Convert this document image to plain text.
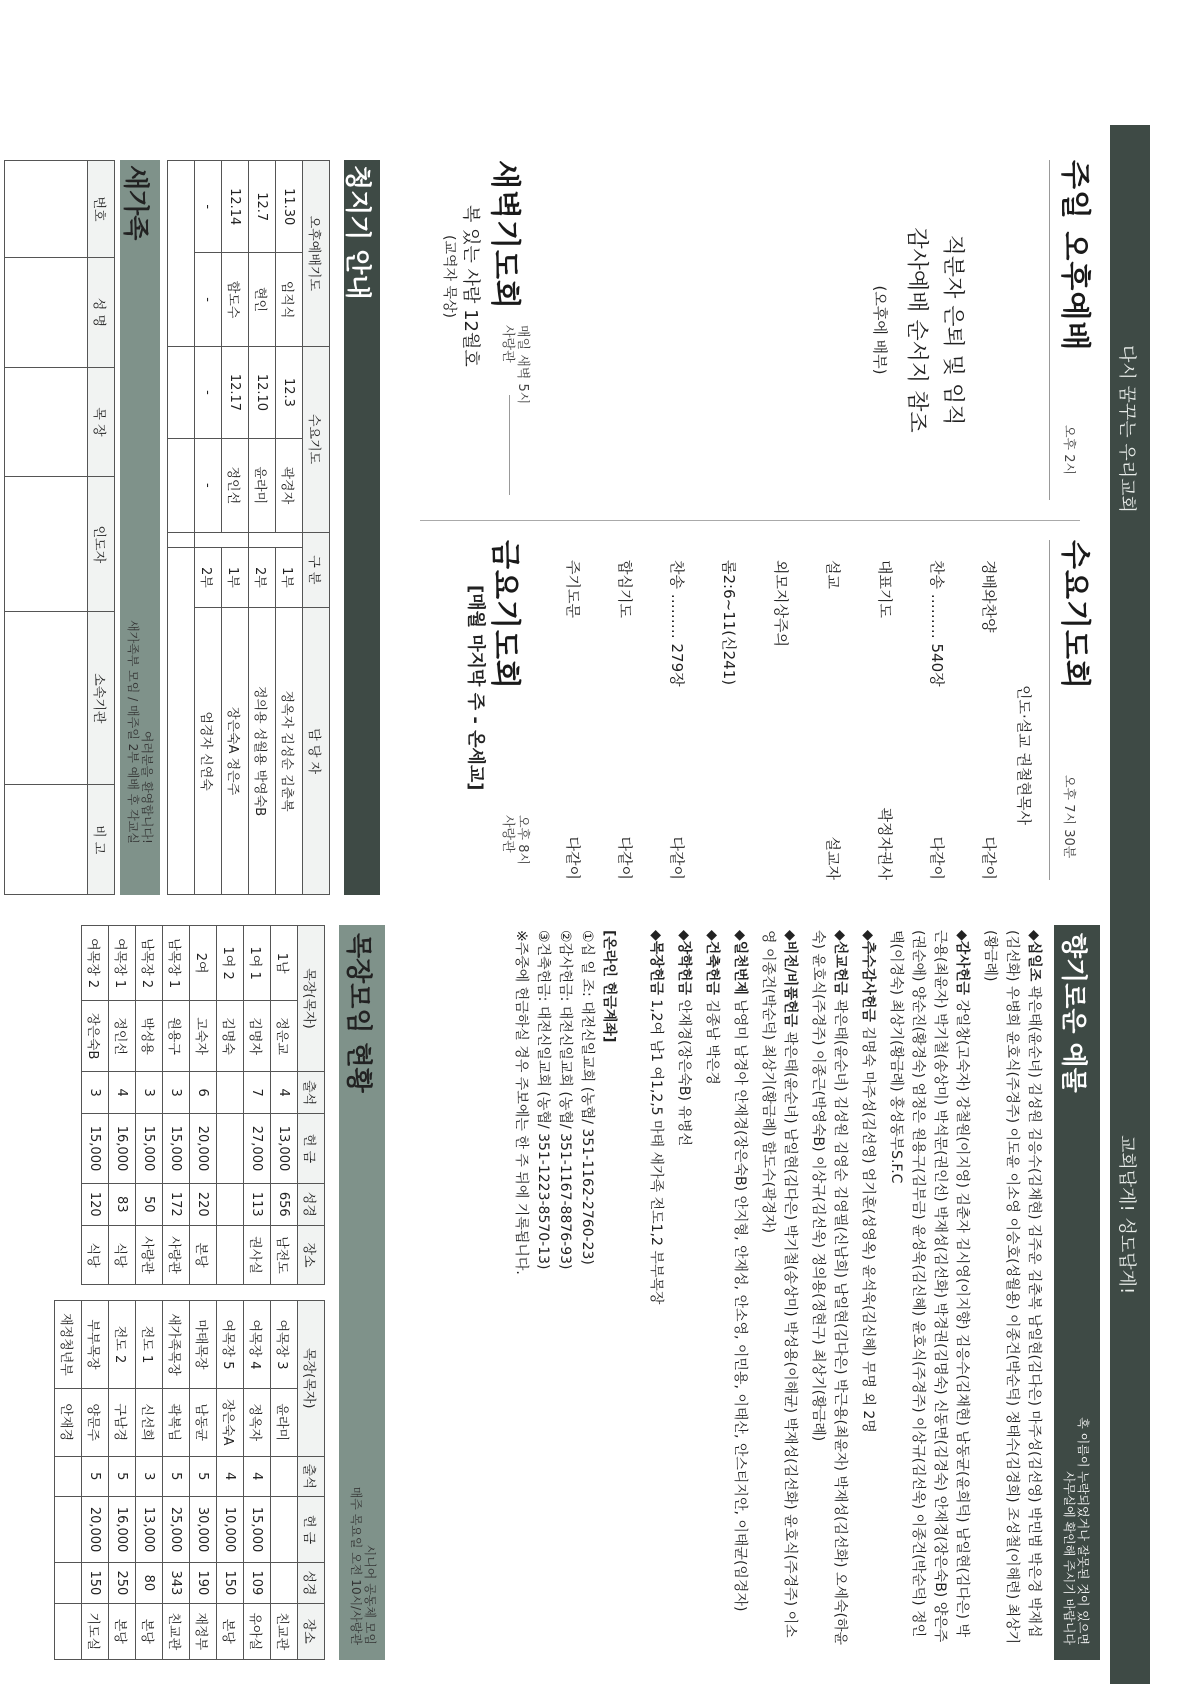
다시 꿈꾸는 우리교회
교회답게! 성도답게!
주일 오후예배
오후 2시
직분자 은퇴 및 임직
감사예배 순서지 참조
(오후에 배부)
수요기도회
오후 7시 30분
인도·설교 권철현목사
경배와찬양
다같이
찬송 ……… 540장
다같이
대표기도
곽정자권사
설교
설교자
외모지상주의
롬2:6~11(신241)
찬송 ……… 279장
다같이
합심기도
다같이
주기도문
다같이
새벽기도회
매일 새벽 5시
사랑관
복 있는 사람 12월호
(교역자 묵상)
금요기도회
오후 8시
사랑관
[매월 마지막 주 - 온세교]
청지기 안내
오후예배기도		수요기도		구 분		담 당 자
11.30	임직식	12.3	곽경자		1부	정옥자 김성순 김춘복
12.7	현인	12.10	윤라미		2부	정의용 성월용 박영숙B
12.14	함도수	12.17	정인선		1부	장은숙A 정은주
-	-	-	-		2부	엄경자 신연숙

새가족
여러분을 환영합니다!
새가족부 모임 / 매주일 2부 예배 후 각교실
번호	성 명	목 장	인도자	소속기관	비 고

향기로운 예물
혹 이름이 누락되었거나 잘못된 것이 있으면
사무실에 확인해 주시기 바랍니다

◆십일조 곽은태(윤순녀) 김성원 김응수(김채현) 김주운 김춘복 남일현(김다은) 마주성(김선영) 박민범 박은경 박재섭(김선화) 우병희 윤호식(주경주) 이도윤 이소영 이승호(성월용) 이종건(박순덕) 정태수(김경희) 조성철(이해련) 최상기(황금례)

◆감사헌금 강일창(고숙자) 강철원(이지영) 김춘자 김시영(이지향) 김응수(김채현) 남동균(윤희덕) 남일현(김다은) 박근용(최윤자) 박기철(송상미) 박석문(권인선) 박재성(김선화) 박경권(김명숙) 신동면(김경숙) 안재경(장은숙B) 양은주(권순애) 양순진(황경숙) 엄정은 원용구(김부금) 윤성욱(김신혜) 윤호식(주경주) 이상규(김선욱) 이종건(박순덕) 정인택(이경숙) 최상기(황금례) 홍성동부S.F.C

◆추수감사헌금 김명숙 마주성(김선영) 엄기훈(성영옥) 윤석욱(김신혜) 무명 외 2명

◆선교헌금 곽은태(윤순녀) 김성원 김영순 김영필(신남희) 남일현(김다은) 박근용(최윤자) 박재성(김선화) 오세숙(하윤숙) 윤호식(주경주) 이종근(박영숙B) 이상규(김선욱) 정의용(정현구) 최상기(황금례)

◆비전/비품헌금 곽은태(윤순녀) 남일현(김다은) 박기철(송상미) 박성용(이해균) 박재성(김선화) 윤호식(주경주) 이소영 이종건(박순덕) 최상기(황금례) 함도수(곽경자)

◆일천번제 남영미 남경아 안재경(장은숙B) 안지형, 안재성, 안소영, 이민용, 이태산, 안스티지안, 이태균(임경자)

◆건축헌금 김종남 박은경

◆장학헌금 안재경(장은숙B) 유병선

◆목장헌금 1,2여 남1 여1,2,5 마태 새가족 전도1,2 부부목장

[온라인 헌금계좌]
①십 일 조: 대전신일교회 (농협/ 351-1162-2760-23)
②감사헌금: 대전신일교회 (농협/ 351-1167-8876-93)
③건축헌금: 대전신일교회 (농협/ 351-1223-8570-13)
※주중에 헌금하실 경우 주보에는 한 주 뒤에 기록됩니다.
목장모임 현황
시니어 공동체 모임
매주 목요일 오전 10시/사랑관
목장(목자)		출석	헌 금	성경	장소
1남	정운교	4	13,000	656	남전도
1여 1	김명자	7	27,000	113	권사실
1여 2	김명숙				
2여	고숙자	6	20,000	220	본당
남목장 1	원용구	3	15,000	172	사랑관
남목장 2	박성용	3	15,000	50	사랑관
여목장 1	정인선	4	16,000	83	식당
여목장 2	장은숙B	3	15,000	120	식당
목장(목자)		출석	헌 금	성경	장소
여목장 3	윤라미				친교관
여목장 4	정옥자	4	15,000	109	유아실
여목장 5	장은숙A	4	10,000	150	본당
마태목장	남동균	5	30,000	190	재정부
새가족목장	곽복님	5	25,000	343	친교관
전도 1	신선희	3	13,000	80	본당
전도 2	구남경	5	16,000	250	본당
부부목장	양문주	5	20,000	150	기도실
재정청년부	안재경				
